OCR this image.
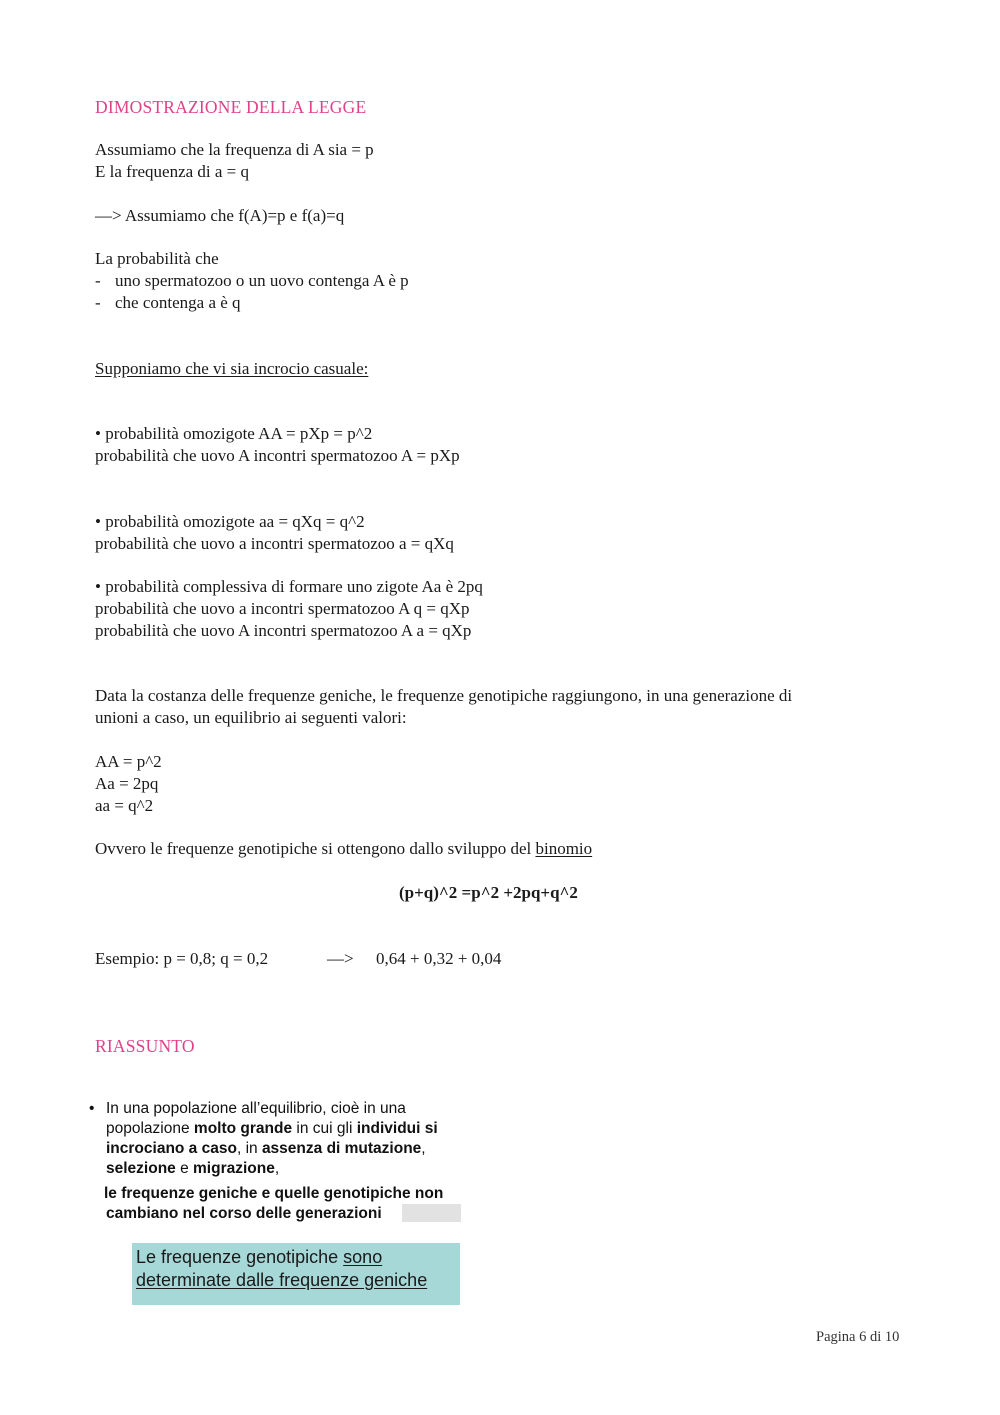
DIMOSTRAZIONE DELLA LEGGE
Assumiamo che la frequenza di A sia = p
E la frequenza di a = q
—> Assumiamo che f(A)=p e f(a)=q
La probabilità che
- uno spermatozoo o un uovo contenga A è p
- che contenga a è q
Supponiamo che vi sia incrocio casuale:
• probabilità omozigote AA = pXp = p^2
probabilità che uovo A incontri spermatozoo A = pXp
• probabilità omozigote aa = qXq = q^2
probabilità che uovo a incontri spermatozoo a = qXq
• probabilità complessiva di formare uno zigote Aa è 2pq
probabilità che uovo a incontri spermatozoo A q = qXp
probabilità che uovo A incontri spermatozoo A a = qXp
Data la costanza delle frequenze geniche, le frequenze genotipiche raggiungono, in una generazione di
unioni a caso, un equilibrio ai seguenti valori:
AA = p^2
Aa = 2pq
aa = q^2
Ovvero le frequenze genotipiche si ottengono dallo sviluppo del binomio
(p+q)^2 =p^2 +2pq+q^2
Esempio: p = 0,8; q = 0,2	—> 0,64 + 0,32 + 0,04
RIASSUNTO
• In una popolazione all’equilibrio, cioè in una
popolazione molto grande in cui gli individui si
incrociano a caso, in assenza di mutazione,
selezione e migrazione,
le frequenze geniche e quelle genotipiche non
cambiano nel corso delle generazioni
Le frequenze genotipiche sono
determinate dalle frequenze geniche
Pagina 6 di 10
